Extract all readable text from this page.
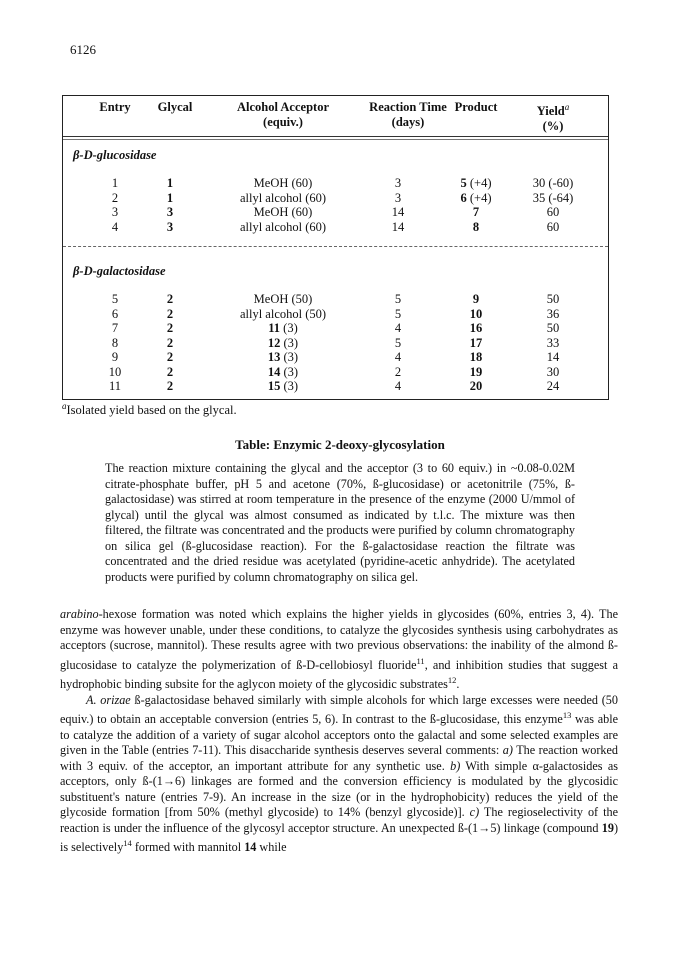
6126
Entry	Glycal	Alcohol Acceptor
(equiv.)
Reaction Time
(days)
Product	Yield$^a$
(%)
β-D-glucosidase
1	1	MeOH (60)	3	5 (+4)	30 (-60)
2	1	allyl alcohol (60)	3	6 (+4)	35 (-64)
3	3	MeOH (60)	14	7	60
4	3	allyl alcohol (60)	14	8	60
β-D-galactosidase
5	2	MeOH (50)	5	9	50
6	2	allyl alcohol (50)	5	10	36
7	2	11 (3)	4	16	50
8	2	12 (3)	5	17	33
9	2	13 (3)	4	18	14
10	2	14 (3)	2	19	30
11	2	15 (3)	4	20	24
$^a$Isolated yield based on the glycal.
Table: Enzymic 2-deoxy-glycosylation
The reaction mixture containing the glycal and the acceptor (3 to 60 equiv.) in ~0.08-0.02M citrate-phosphate buffer, pH 5 and acetone (70%, ß-glucosidase) or acetonitrile (75%, ß-galactosidase) was stirred at room temperature in the presence of the enzyme (2000 U/mmol of glycal) until the glycal was almost consumed as indicated by t.l.c. The mixture was then filtered, the filtrate was concentrated and the products were purified by column chromatography on silica gel (ß-glucosidase reaction). For the ß-galactosidase reaction the filtrate was concentrated and the dried residue was acetylated (pyridine-acetic anhydride). The acetylated products were purified by column chromatography on silica gel.

arabino-hexose formation was noted which explains the higher yields in glycosides (60%, entries 3, 4). The enzyme was however unable, under these conditions, to catalyze the glycosides synthesis using carbohydrates as acceptors (sucrose, mannitol). These results agree with two previous observations: the inability of the almond ß-glucosidase to catalyze the polymerization of ß-D-cellobiosyl fluoride$^{11}$, and inhibition studies that suggest a hydrophobic binding subsite for the aglycon moiety of the glycosidic substrates$^{12}$.

A. orizae ß-galactosidase behaved similarly with simple alcohols for which large excesses were needed (50 equiv.) to obtain an acceptable conversion (entries 5, 6). In contrast to the ß-glucosidase, this enzyme$^{13}$ was able to catalyze the addition of a variety of sugar alcohol acceptors onto the galactal and some selected examples are given in the Table (entries 7-11). This disaccharide synthesis deserves several comments: a) The reaction worked with 3 equiv. of the acceptor, an important attribute for any synthetic use. b) With simple α-galactosides as acceptors, only ß-(1→6) linkages are formed and the conversion efficiency is modulated by the glycosidic substituent's nature (entries 7-9). An increase in the size (or in the hydrophobicity) reduces the yield of the glycoside formation [from 50% (methyl glycoside) to 14% (benzyl glycoside)]. c) The regioselectivity of the reaction is under the influence of the glycosyl acceptor structure. An unexpected ß-(1→5) linkage (compound 19) is selectively$^{14}$ formed with mannitol 14 while
